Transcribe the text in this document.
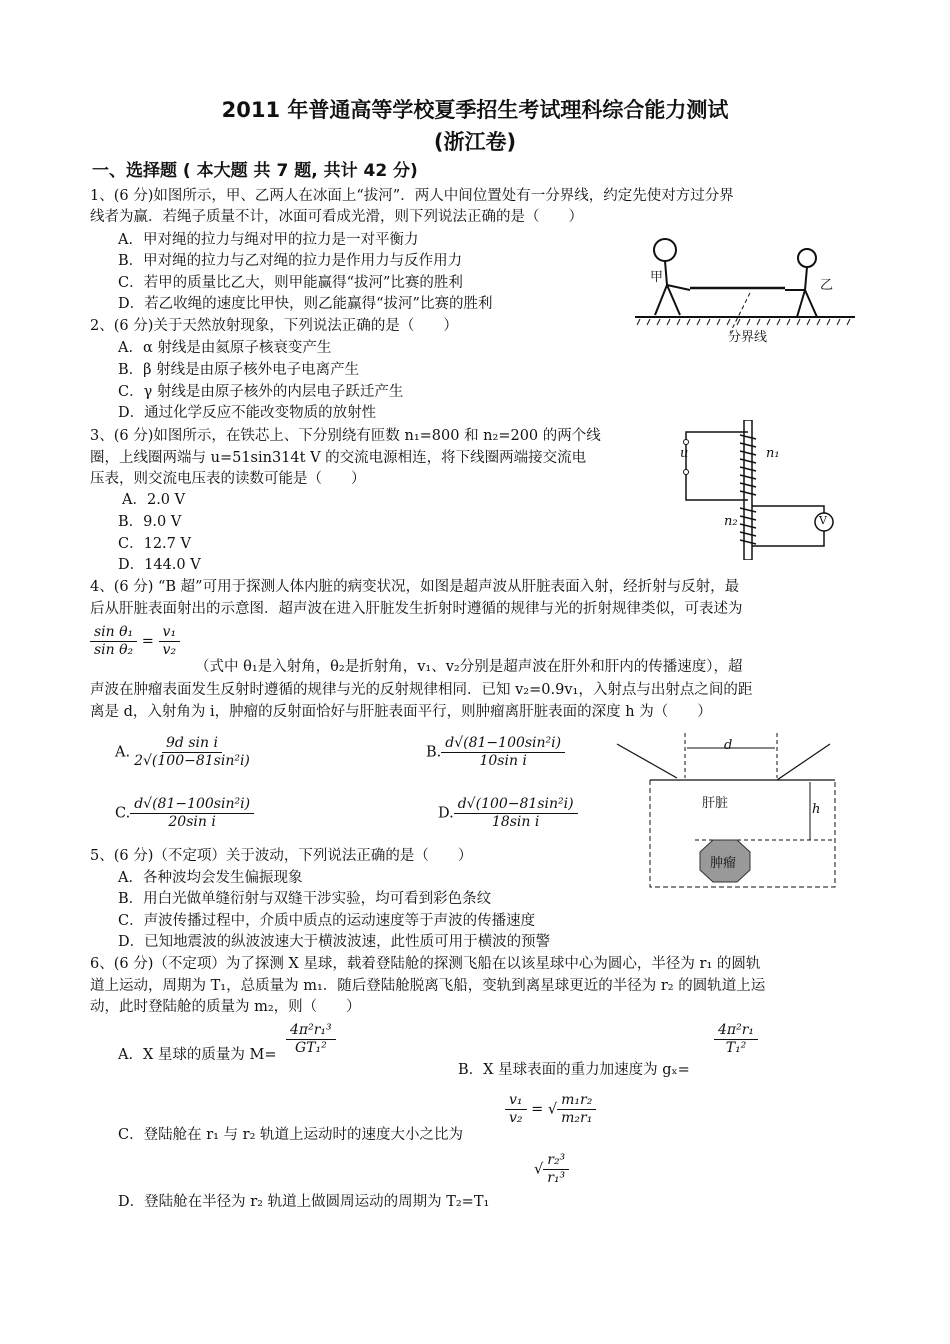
2011 年普通高等学校夏季招生考试理科综合能力测试
(浙江卷)
一、选择题 ( 本大题 共 7 题, 共计 42 分)
1、(6 分)如图所示，甲、乙两人在冰面上“拔河”．两人中间位置处有一分界线，约定先使对方过分界
线者为赢．若绳子质量不计，冰面可看成光滑，则下列说法正确的是（　　）
A．甲对绳的拉力与绳对甲的拉力是一对平衡力
B．甲对绳的拉力与乙对绳的拉力是作用力与反作用力
C．若甲的质量比乙大，则甲能赢得“拔河”比赛的胜利
D．若乙收绳的速度比甲快，则乙能赢得“拔河”比赛的胜利
甲
乙
分界线
2、(6 分)关于天然放射现象，下列说法正确的是（　　）
A．α 射线是由氦原子核衰变产生
B．β 射线是由原子核外电子电离产生
C．γ 射线是由原子核外的内层电子跃迁产生
D．通过化学反应不能改变物质的放射性
3、(6 分)如图所示，在铁芯上、下分别绕有匝数 n₁=800 和 n₂=200 的两个线
圈，上线圈两端与 u=51sin314t V 的交流电源相连，将下线圈两端接交流电
压表，则交流电压表的读数可能是（　　）
A．2.0 V
B．9.0 V
C．12.7 V
D．144.0 V
u	n₁
n₂	V
4、(6 分) “B 超”可用于探测人体内脏的病变状况，如图是超声波从肝脏表面入射，经折射与反射，最
后从肝脏表面射出的示意图．超声波在进入肝脏发生折射时遵循的规律与光的折射规律类似，可表述为
$\frac{\text{sin θ₁}}{\text{sin θ₂}} = \frac{\text{v₁}}{\text{v₂}}$
（式中 θ₁是入射角，θ₂是折射角，v₁、v₂分别是超声波在肝外和肝内的传播速度），超
声波在肿瘤表面发生反射时遵循的规律与光的反射规律相同．已知 v₂=0.9v₁，入射点与出射点之间的距
离是 d，入射角为 i，肿瘤的反射面恰好与肝脏表面平行，则肿瘤离肝脏表面的深度 h 为（　　）
A. $\frac{\text{9d sin i}}{\text{2√(100−81sin²i)}}$	B. $\frac{\text{d√(81−100sin²i)}}{\text{10sin i}}$
C. $\frac{\text{d√(81−100sin²i)}}{\text{20sin i}}$	D. $\frac{\text{d√(100−81sin²i)}}{\text{18sin i}}$
d
h
肝脏
肿瘤
5、(6 分)（不定项）关于波动，下列说法正确的是（　　）
A．各种波均会发生偏振现象
B．用白光做单缝衍射与双缝干涉实验，均可看到彩色条纹
C．声波传播过程中，介质中质点的运动速度等于声波的传播速度
D．已知地震波的纵波波速大于横波波速，此性质可用于横波的预警
6、(6 分)（不定项）为了探测 X 星球，载着登陆舱的探测飞船在以该星球中心为圆心，半径为 r₁ 的圆轨
道上运动，周期为 T₁，总质量为 m₁．随后登陆舱脱离飞船，变轨到离星球更近的半径为 r₂ 的圆轨道上运
动，此时登陆舱的质量为 m₂，则（　　）
A．X 星球的质量为 $M= \frac{\text{4π²r₁³}}{\text{GT₁²}}$
B．X 星球表面的重力加速度为 gₓ=
$\frac{\text{4π²r₁}}{\text{T₁²}}$
C．登陆舱在 r₁ 与 r₂ 轨道上运动时的速度大小之比为
$\frac{\text{v₁}}{\text{v₂}}$ = √ $\frac{\text{m₁r₂}}{\text{m₂r₁}}$
D．登陆舱在半径为 r₂ 轨道上做圆周运动的周期为 T₂=T₁
√ $\frac{\text{r₂³}}{\text{r₁³}}$
